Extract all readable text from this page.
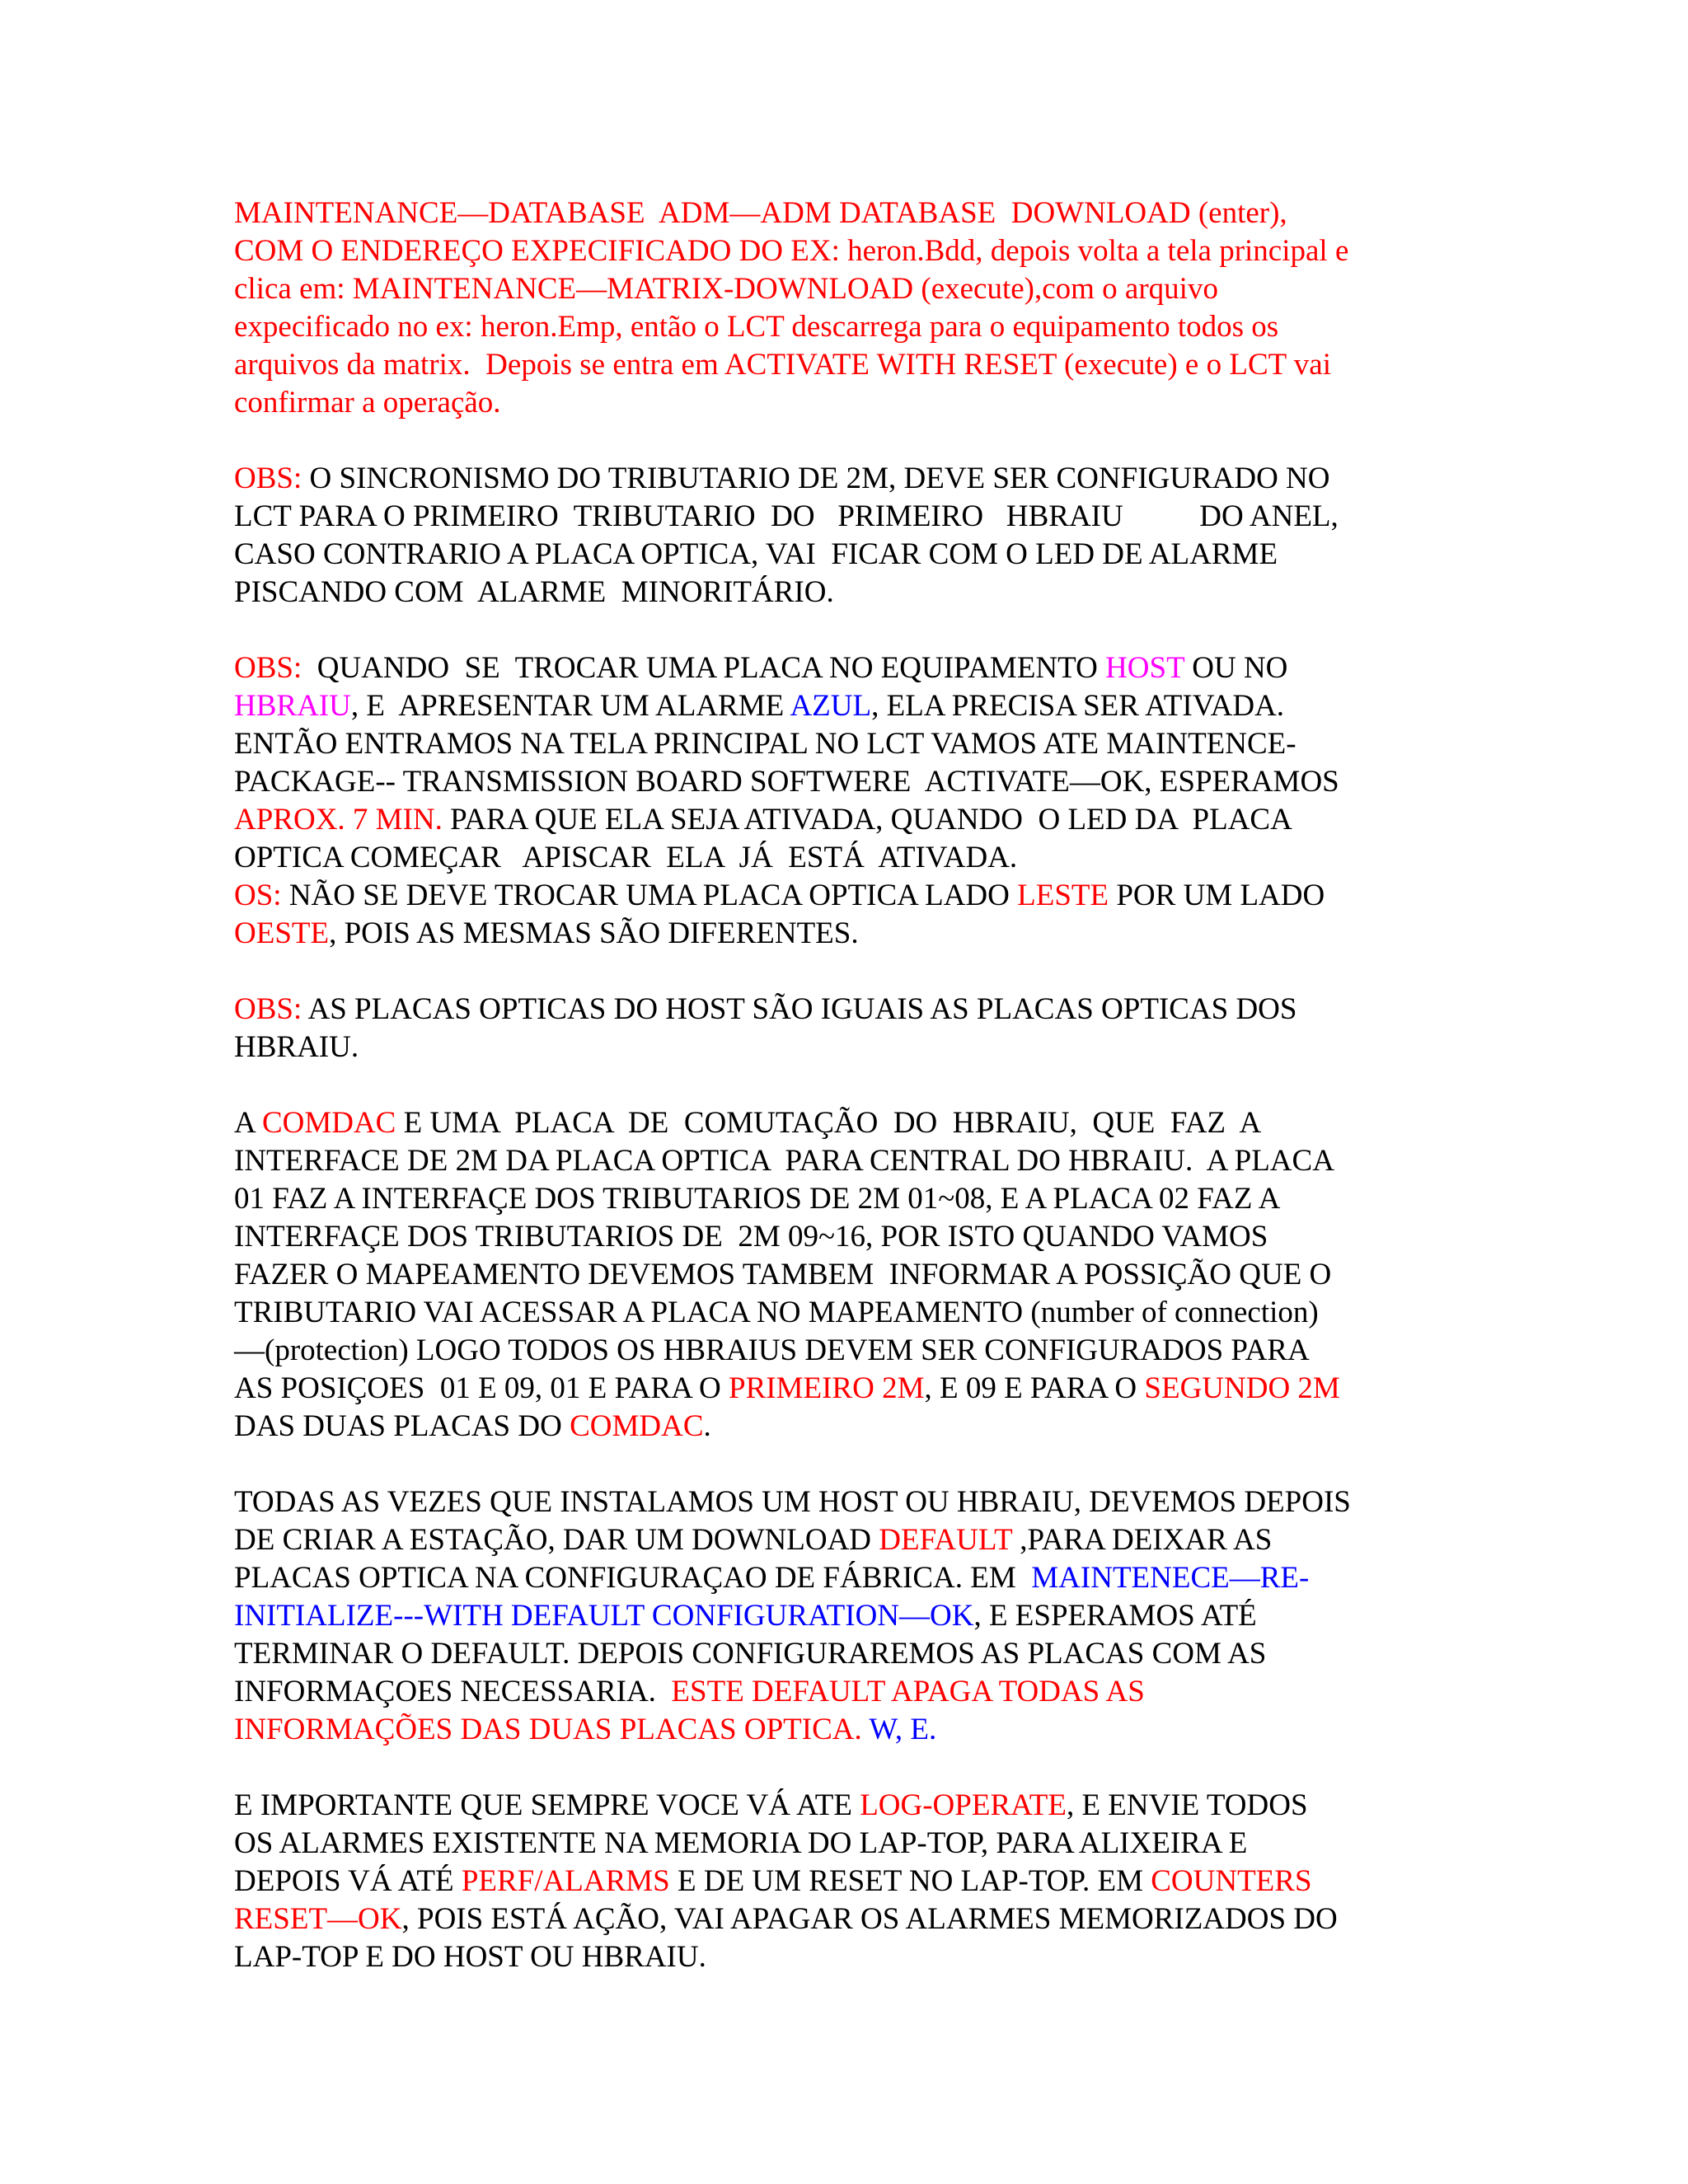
MAINTENANCE—DATABASE  ADM—ADM DATABASE  DOWNLOAD (enter),
COM O ENDEREÇO EXPECIFICADO DO EX: heron.Bdd, depois volta a tela principal e
clica em: MAINTENANCE—MATRIX-DOWNLOAD (execute),com o arquivo
expecificado no ex: heron.Emp, então o LCT descarrega para o equipamento todos os
arquivos da matrix.  Depois se entra em ACTIVATE WITH RESET (execute) e o LCT vai
confirmar a operação.
OBS: O SINCRONISMO DO TRIBUTARIO DE 2M, DEVE SER CONFIGURADO NO
LCT PARA O PRIMEIRO  TRIBUTARIO  DO   PRIMEIRO   HBRAIU          DO ANEL,
CASO CONTRARIO A PLACA OPTICA, VAI  FICAR COM O LED DE ALARME
PISCANDO COM  ALARME  MINORITÁRIO.
OBS:  QUANDO  SE  TROCAR UMA PLACA NO EQUIPAMENTO HOST OU NO
HBRAIU, E  APRESENTAR UM ALARME AZUL, ELA PRECISA SER ATIVADA.
ENTÃO ENTRAMOS NA TELA PRINCIPAL NO LCT VAMOS ATE MAINTENCE-
PACKAGE-- TRANSMISSION BOARD SOFTWERE  ACTIVATE—OK, ESPERAMOS
APROX. 7 MIN. PARA QUE ELA SEJA ATIVADA, QUANDO  O LED DA  PLACA
OPTICA COMEÇAR   APISCAR  ELA  JÁ  ESTÁ  ATIVADA.
OS: NÃO SE DEVE TROCAR UMA PLACA OPTICA LADO LESTE POR UM LADO
OESTE, POIS AS MESMAS SÃO DIFERENTES.
OBS: AS PLACAS OPTICAS DO HOST SÃO IGUAIS AS PLACAS OPTICAS DOS
HBRAIU.
A COMDAC E UMA  PLACA  DE  COMUTAÇÃO  DO  HBRAIU,  QUE  FAZ  A
INTERFACE DE 2M DA PLACA OPTICA  PARA CENTRAL DO HBRAIU.  A PLACA
01 FAZ A INTERFAÇE DOS TRIBUTARIOS DE 2M 01~08, E A PLACA 02 FAZ A
INTERFAÇE DOS TRIBUTARIOS DE  2M 09~16, POR ISTO QUANDO VAMOS
FAZER O MAPEAMENTO DEVEMOS TAMBEM  INFORMAR A POSSIÇÃO QUE O
TRIBUTARIO VAI ACESSAR A PLACA NO MAPEAMENTO (number of connection)
—(protection) LOGO TODOS OS HBRAIUS DEVEM SER CONFIGURADOS PARA
AS POSIÇOES  01 E 09, 01 E PARA O PRIMEIRO 2M, E 09 E PARA O SEGUNDO 2M
DAS DUAS PLACAS DO COMDAC.
TODAS AS VEZES QUE INSTALAMOS UM HOST OU HBRAIU, DEVEMOS DEPOIS
DE CRIAR A ESTAÇÃO, DAR UM DOWNLOAD DEFAULT ,PARA DEIXAR AS
PLACAS OPTICA NA CONFIGURAÇAO DE FÁBRICA. EM  MAINTENECE—RE-
INITIALIZE---WITH DEFAULT CONFIGURATION—OK, E ESPERAMOS ATÉ
TERMINAR O DEFAULT. DEPOIS CONFIGURAREMOS AS PLACAS COM AS
INFORMAÇOES NECESSARIA.  ESTE DEFAULT APAGA TODAS AS
INFORMAÇÕES DAS DUAS PLACAS OPTICA. W, E.
E IMPORTANTE QUE SEMPRE VOCE VÁ ATE LOG-OPERATE, E ENVIE TODOS
OS ALARMES EXISTENTE NA MEMORIA DO LAP-TOP, PARA ALIXEIRA E
DEPOIS VÁ ATÉ PERF/ALARMS E DE UM RESET NO LAP-TOP. EM COUNTERS
RESET—OK, POIS ESTÁ AÇÃO, VAI APAGAR OS ALARMES MEMORIZADOS DO
LAP-TOP E DO HOST OU HBRAIU.
